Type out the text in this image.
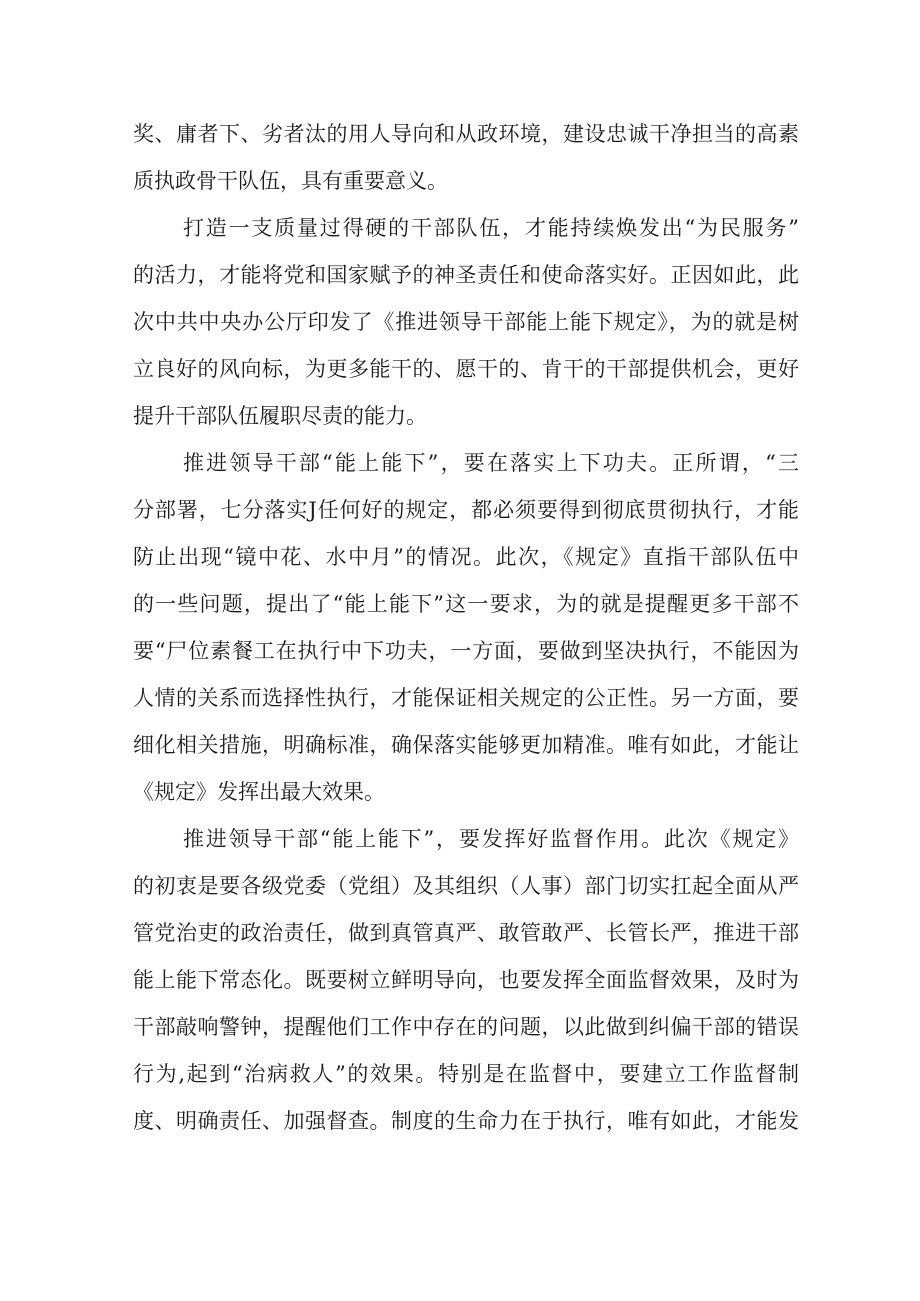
奖、庸者下、劣者汰的用人导向和从政环境，建设忠诚干净担当的高素
质执政骨干队伍，具有重要意义。
打造一支质量过得硬的干部队伍，才能持续焕发出“为民服务”
的活力，才能将党和国家赋予的神圣责任和使命落实好。正因如此，此
次中共中央办公厅印发了《推进领导干部能上能下规定》，为的就是树
立良好的风向标，为更多能干的、愿干的、肯干的干部提供机会，更好
提升干部队伍履职尽责的能力。
推进领导干部“能上能下”，要在落实上下功夫。正所谓，“三
分部署，七分落实J任何好的规定，都必须要得到彻底贯彻执行，才能
防止出现“镜中花、水中月”的情况。此次，《规定》直指干部队伍中
的一些问题，提出了“能上能下”这一要求，为的就是提醒更多干部不
要“尸位素餐工在执行中下功夫，一方面，要做到坚决执行，不能因为
人情的关系而选择性执行，才能保证相关规定的公正性。另一方面，要
细化相关措施，明确标准，确保落实能够更加精准。唯有如此，才能让
《规定》发挥出最大效果。
推进领导干部“能上能下”，要发挥好监督作用。此次《规定》
的初衷是要各级党委（党组）及其组织（人事）部门切实扛起全面从严
管党治吏的政治责任，做到真管真严、敢管敢严、长管长严，推进干部
能上能下常态化。既要树立鲜明导向，也要发挥全面监督效果，及时为
干部敲响警钟，提醒他们工作中存在的问题，以此做到纠偏干部的错误
行为,起到“治病救人”的效果。特别是在监督中，要建立工作监督制
度、明确责任、加强督查。制度的生命力在于执行，唯有如此，才能发
